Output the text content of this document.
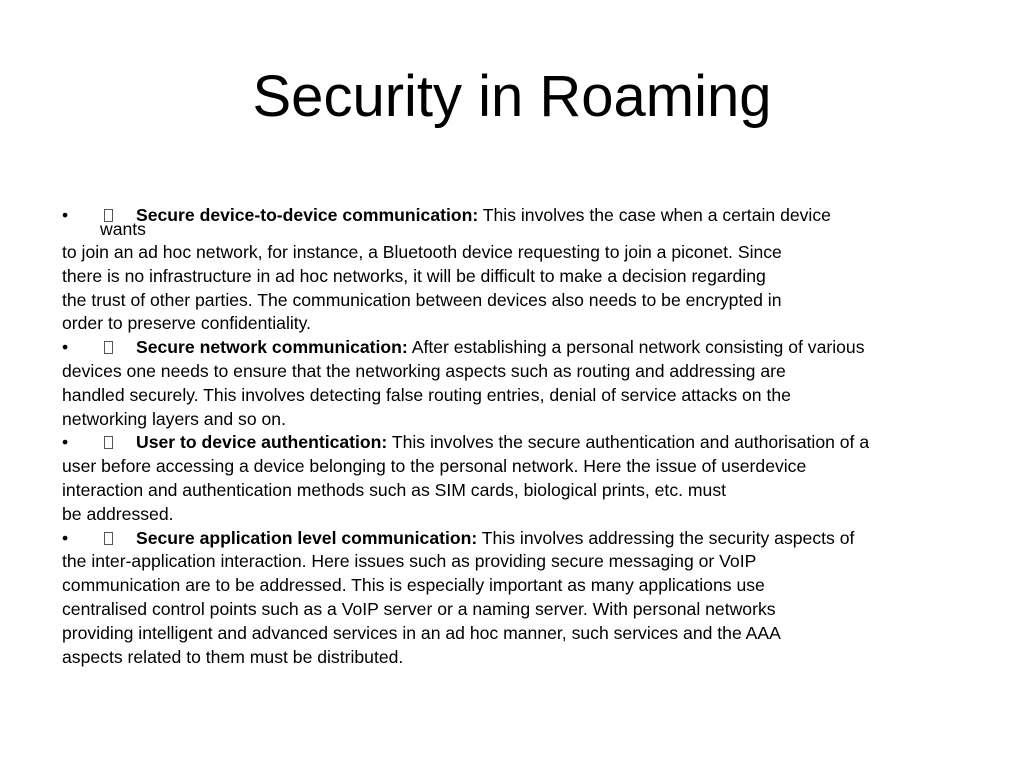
Security in Roaming
•	Secure device-to-device communication: This involves the case when a certain device
wants
to join an ad hoc network, for instance, a Bluetooth device requesting to join a piconet. Since
there is no infrastructure in ad hoc networks, it will be difficult to make a decision regarding
the trust of other parties. The communication between devices also needs to be encrypted in
order to preserve confidentiality.
•	Secure network communication: After establishing a personal network consisting of various
devices one needs to ensure that the networking aspects such as routing and addressing are
handled securely. This involves detecting false routing entries, denial of service attacks on the
networking layers and so on.
•	User to device authentication: This involves the secure authentication and authorisation of a
user before accessing a device belonging to the personal network. Here the issue of userdevice
interaction and authentication methods such as SIM cards, biological prints, etc. must
be addressed.
•	Secure application level communication: This involves addressing the security aspects of
the inter-application interaction. Here issues such as providing secure messaging or VoIP
communication are to be addressed. This is especially important as many applications use
centralised control points such as a VoIP server or a naming server. With personal networks
providing intelligent and advanced services in an ad hoc manner, such services and the AAA
aspects related to them must be distributed.
